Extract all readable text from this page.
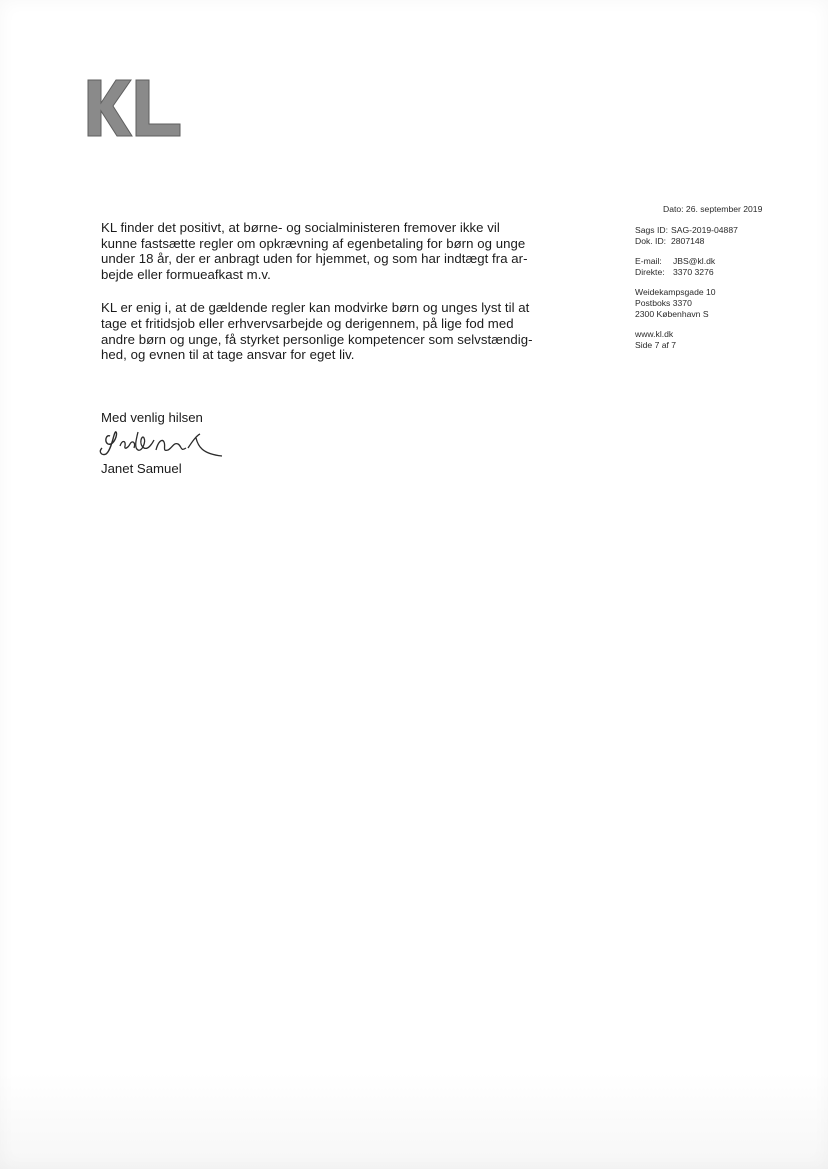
KL finder det positivt, at børne- og socialministeren fremover ikke vil
kunne fastsætte regler om opkrævning af egenbetaling for børn og unge
under 18 år, der er anbragt uden for hjemmet, og som har indtægt fra ar-
bejde eller formueafkast m.v.

KL er enig i, at de gældende regler kan modvirke børn og unges lyst til at
tage et fritidsjob eller erhvervsarbejde og derigennem, på lige fod med
andre børn og unge, få styrket personlige kompetencer som selvstændig-
hed, og evnen til at tage ansvar for eget liv.

Med venlig hilsen
Janet Samuel
Dato: 26. september 2019
Sags ID: SAG-2019-04887
Dok. ID: 2807148
E-mail: JBS@kl.dk
Direkte: 3370 3276
Weidekampsgade 10
Postboks 3370
2300 København S
www.kl.dk
Side 7 af 7
